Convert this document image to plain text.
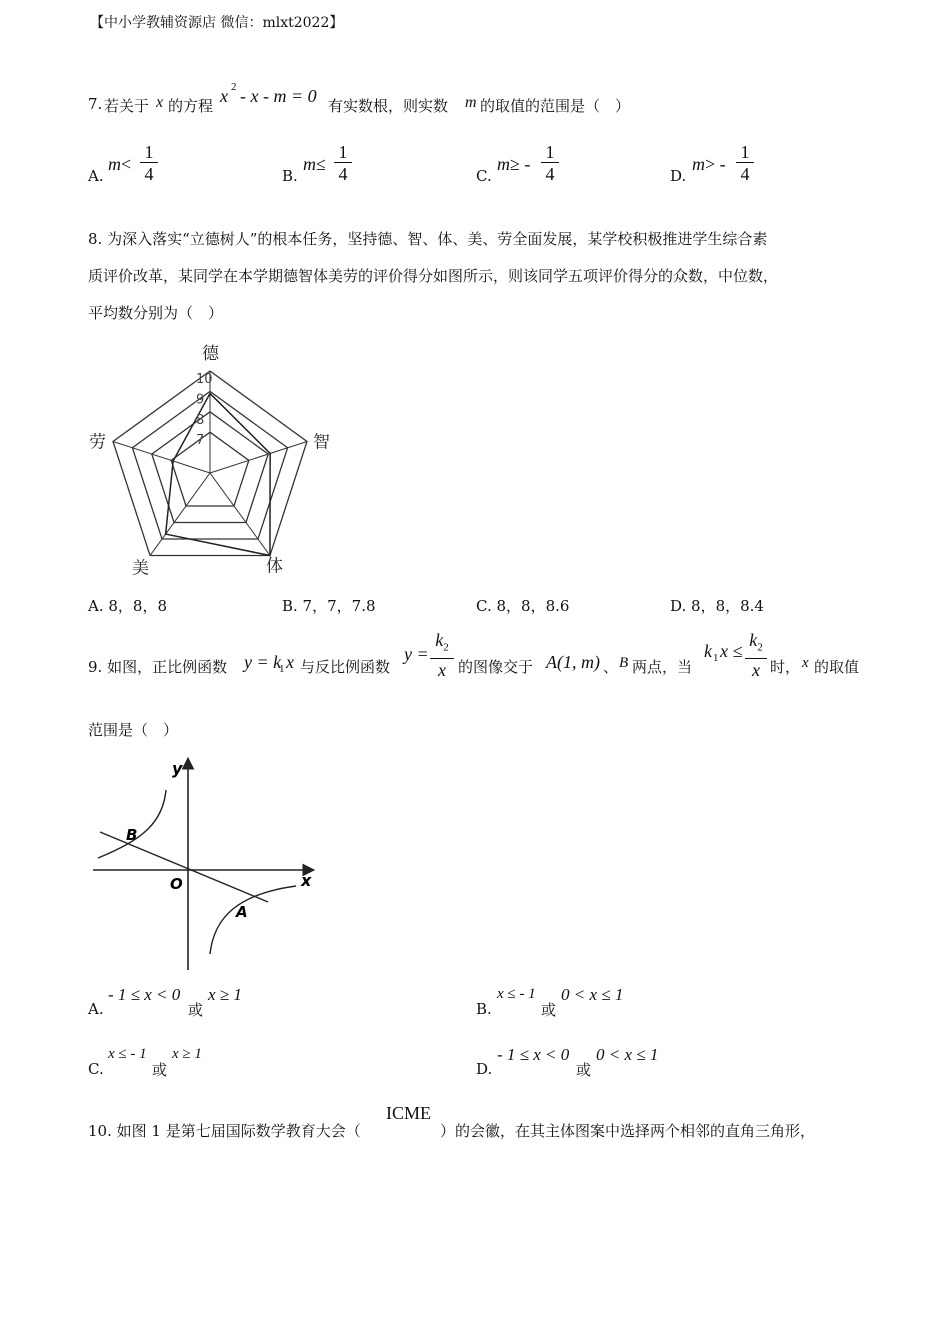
【中小学教辅资源店 微信：mlxt2022】
7. 若关于 x 的方程 x 2 - x - m = 0 有实数根，则实数 m 的取值的范围是（　）
A.
$m < \frac{1}{4}$	B.
$m \le \frac{1}{4}$	C.
m ≥ - $\frac{1}{4}$	D.
m > - $\frac{1}{4}$
8. 为深入落实“立德树人”的根本任务，坚持德、智、体、美、劳全面发展，某学校积极推进学生综合素
质评价改革，某同学在本学期德智体美劳的评价得分如图所示，则该同学五项评价得分的众数，中位数，
平均数分别为（　）
10
9
8
7
德
智
体
美
劳
A. 8，8，8	B. 7，7，7.8	C. 8，8，8.6	D. 8，8，8.4
9. 如图，正比例函数 y = k
1 x 与反比例函数
$y = \frac{k_2}{x}$ 的图像交于 A(1, m) 、 B 两点，当
k 1 $x \le \frac{k_2}{x}$ 时， x 的取值
范围是（　）
y
x
O
A
B
A.
- 1 ≤ x < 0
或
x ≥ 1
B.
x ≤ - 1
或
0 < x ≤ 1
C.
x ≤ - 1
或
x ≥ 1
D.
- 1 ≤ x < 0
或
0 < x ≤ 1
10. 如图 1 是第七届国际数学教育大会（
ICME
）的会徽，在其主体图案中选择两个相邻的直角三角形，
